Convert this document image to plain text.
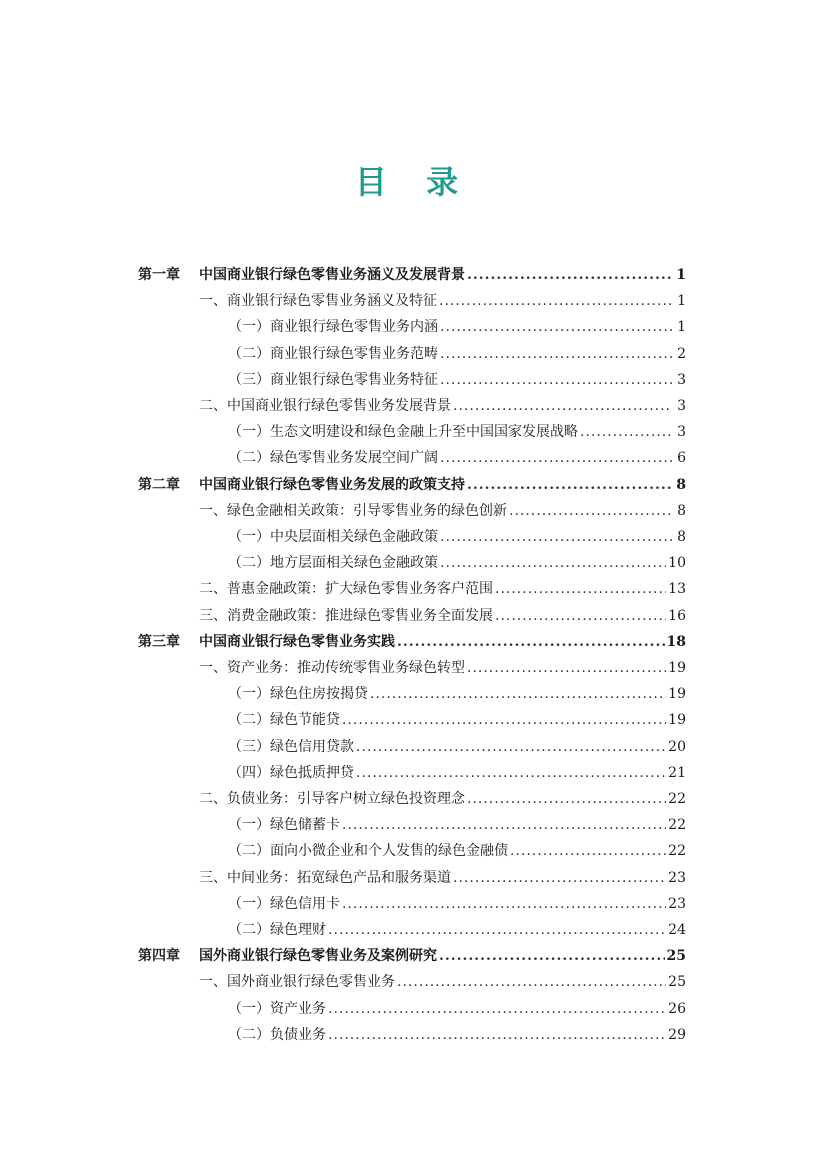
目 录
第一章	中国商业银行绿色零售业务涵义及发展背景 .....	1
一、商业银行绿色零售业务涵义及特征 .....	1
（一）商业银行绿色零售业务内涵 .....	1
（二）商业银行绿色零售业务范畴 .....	2
（三）商业银行绿色零售业务特征 .....	3
二、中国商业银行绿色零售业务发展背景 .....	3
（一）生态文明建设和绿色金融上升至中国国家发展战略 .....	3
（二）绿色零售业务发展空间广阔 .....	6
第二章	中国商业银行绿色零售业务发展的政策支持 .....	8
一、绿色金融相关政策：引导零售业务的绿色创新 .....	8
（一）中央层面相关绿色金融政策 .....	8
（二）地方层面相关绿色金融政策 .....	10
二、普惠金融政策：扩大绿色零售业务客户范围 .....	13
三、消费金融政策：推进绿色零售业务全面发展 .....	16
第三章	中国商业银行绿色零售业务实践 .....	18
一、资产业务：推动传统零售业务绿色转型 .....	19
（一）绿色住房按揭贷 .....	19
（二）绿色节能贷 .....	19
（三）绿色信用贷款 .....	20
（四）绿色抵质押贷 .....	21
二、负债业务：引导客户树立绿色投资理念 .....	22
（一）绿色储蓄卡 .....	22
（二）面向小微企业和个人发售的绿色金融债 .....	22
三、中间业务：拓宽绿色产品和服务渠道 .....	23
（一）绿色信用卡 .....	23
（二）绿色理财 .....	24
第四章	国外商业银行绿色零售业务及案例研究 .....	25
一、国外商业银行绿色零售业务 .....	25
（一）资产业务 .....	26
（二）负债业务 .....	29
